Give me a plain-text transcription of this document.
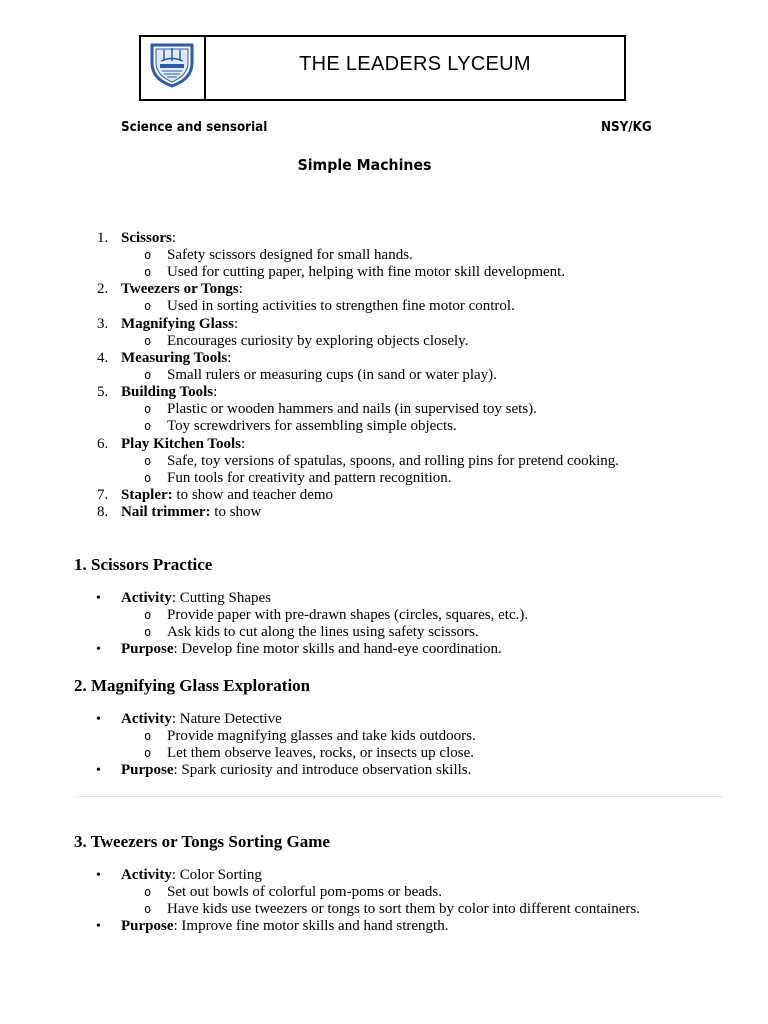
THE LEADERS LYCEUM
Science and sensorial	NSY/KG
Simple Machines
1. Scissors:
o Safety scissors designed for small hands.
o Used for cutting paper, helping with fine motor skill development.
2. Tweezers or Tongs:
o Used in sorting activities to strengthen fine motor control.
3. Magnifying Glass:
o Encourages curiosity by exploring objects closely.
4. Measuring Tools:
o Small rulers or measuring cups (in sand or water play).
5. Building Tools:
o Plastic or wooden hammers and nails (in supervised toy sets).
o Toy screwdrivers for assembling simple objects.
6. Play Kitchen Tools:
o Safe, toy versions of spatulas, spoons, and rolling pins for pretend cooking.
o Fun tools for creativity and pattern recognition.
7. Stapler: to show and teacher demo
8. Nail trimmer: to show
1. Scissors Practice
• Activity: Cutting Shapes
o Provide paper with pre-drawn shapes (circles, squares, etc.).
o Ask kids to cut along the lines using safety scissors.
• Purpose: Develop fine motor skills and hand-eye coordination.
2. Magnifying Glass Exploration
• Activity: Nature Detective
o Provide magnifying glasses and take kids outdoors.
o Let them observe leaves, rocks, or insects up close.
• Purpose: Spark curiosity and introduce observation skills.
3. Tweezers or Tongs Sorting Game
• Activity: Color Sorting
o Set out bowls of colorful pom-poms or beads.
o Have kids use tweezers or tongs to sort them by color into different containers.
• Purpose: Improve fine motor skills and hand strength.
